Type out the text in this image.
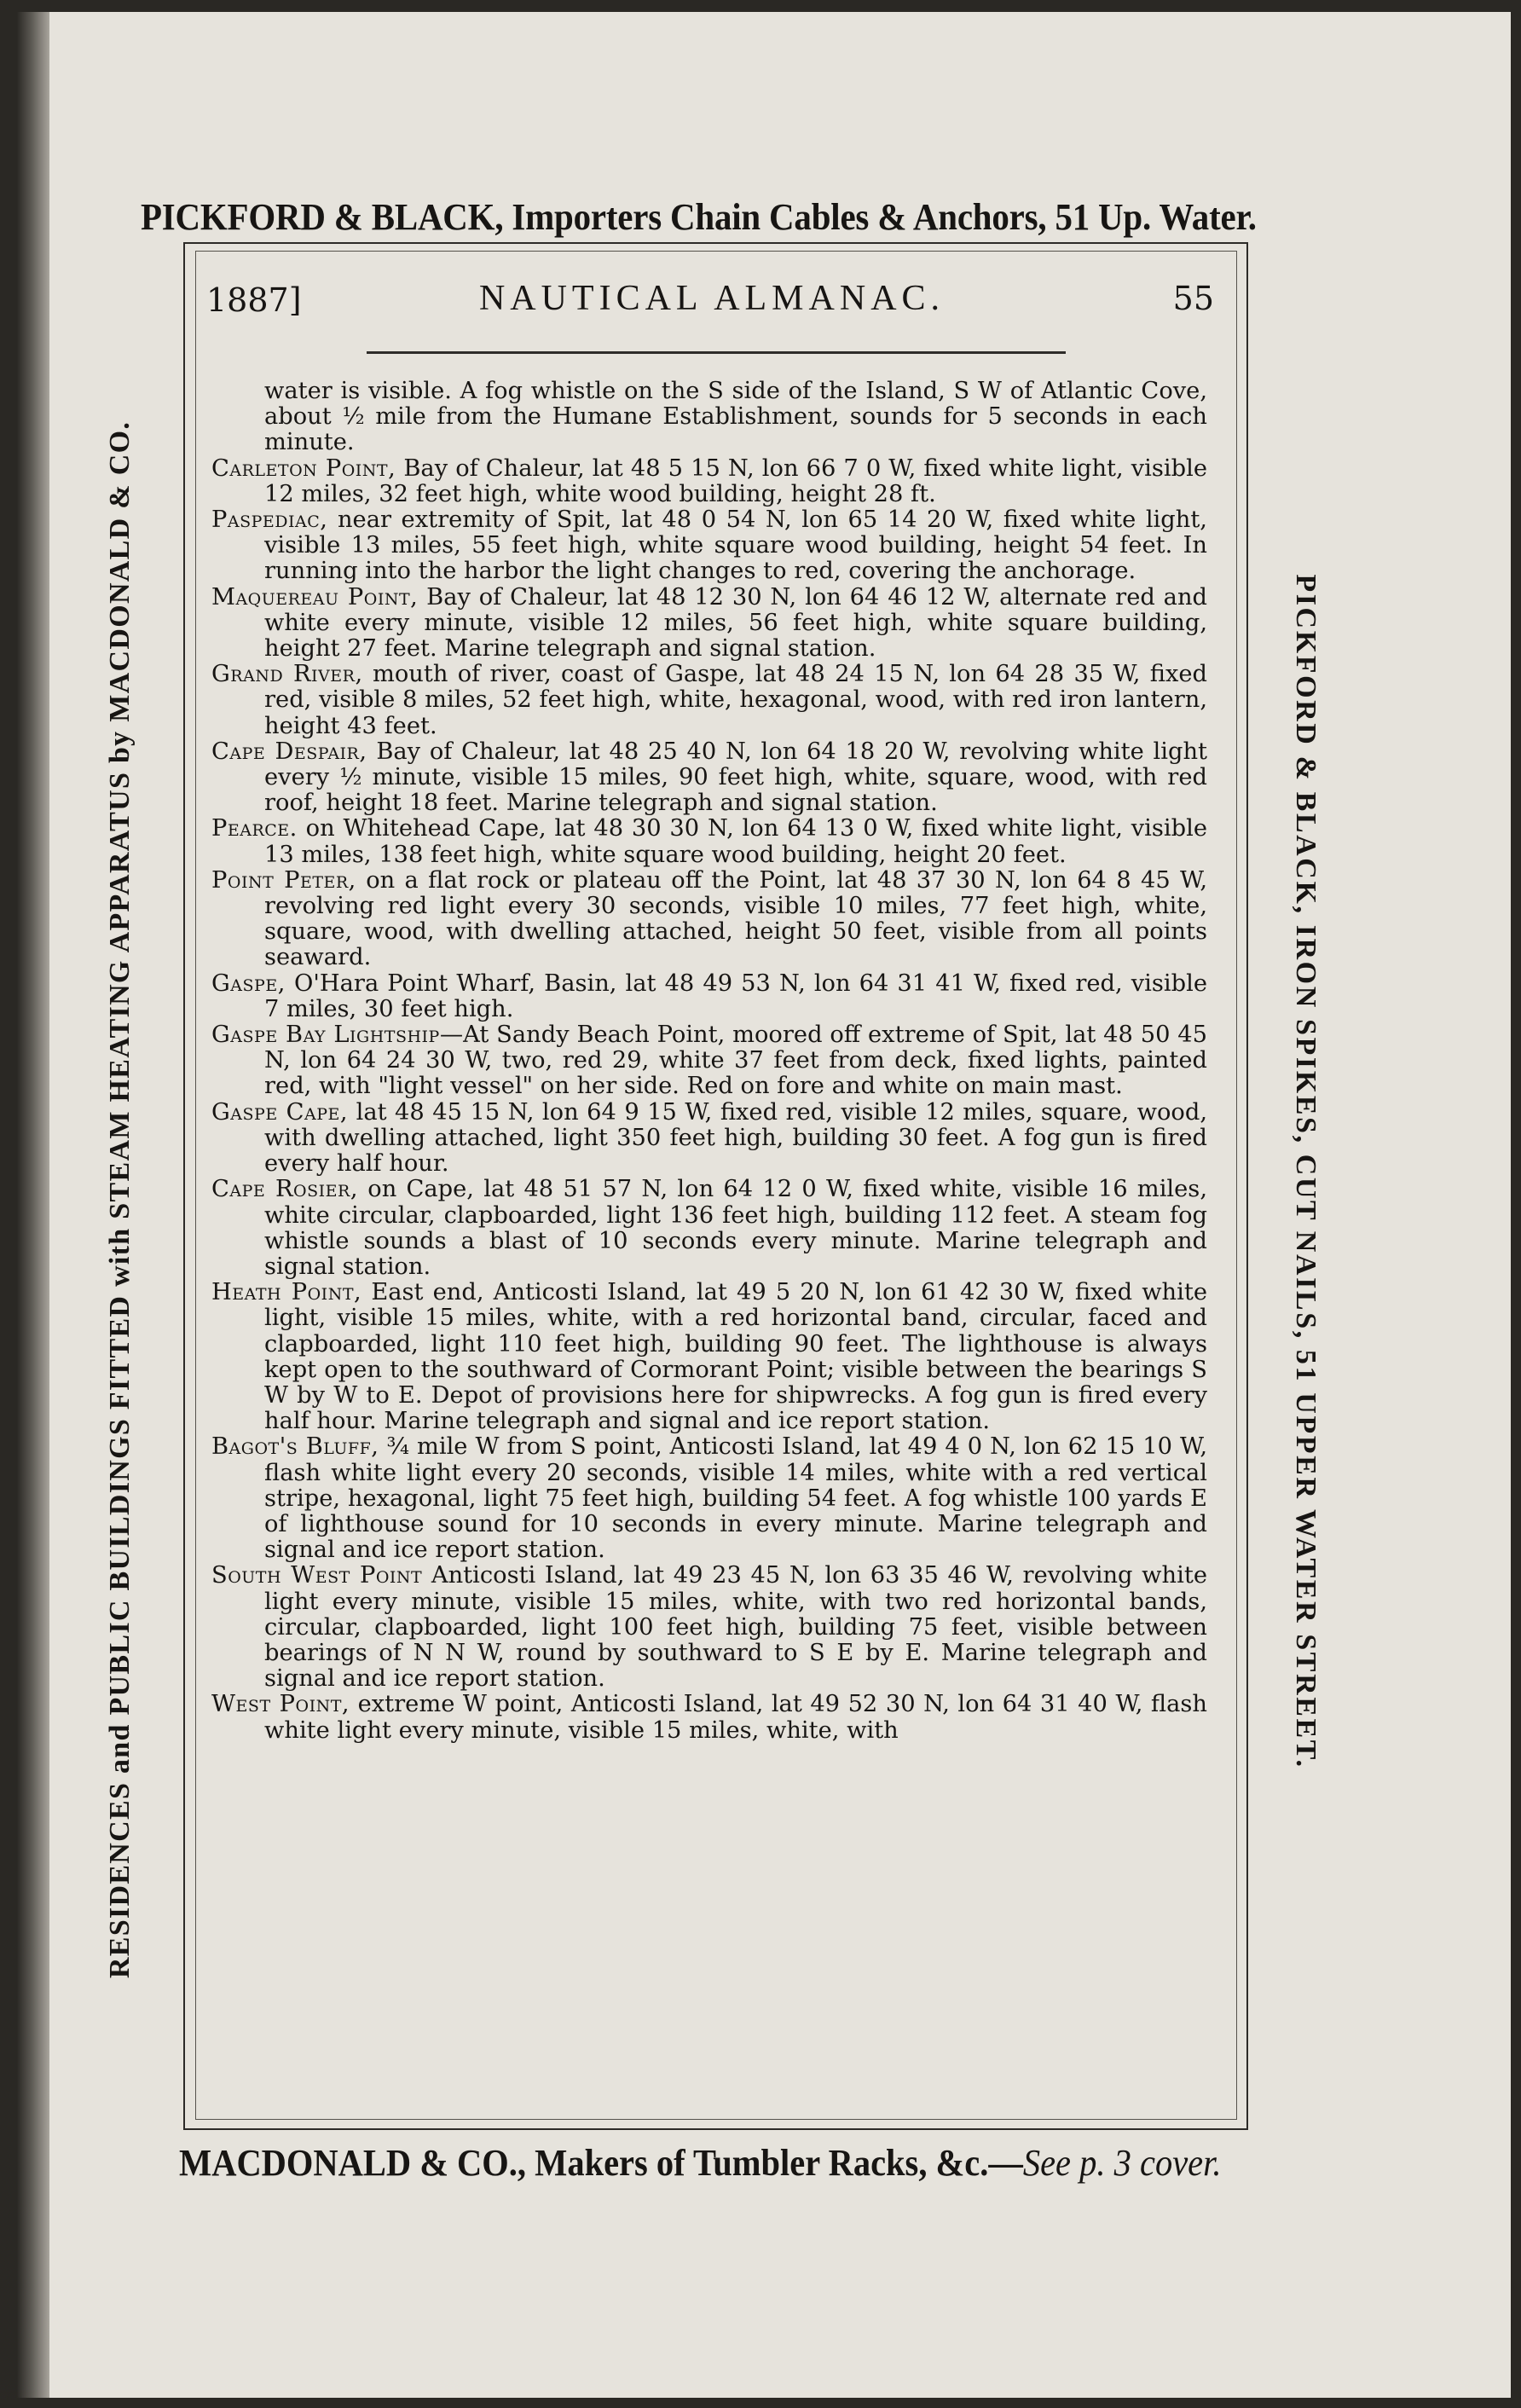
PICKFORD & BLACK, Importers Chain Cables & Anchors, 51 Up. Water.
RESIDENCES and PUBLIC BUILDINGS FITTED with STEAM HEATING APPARATUS by MACDONALD & CO.	PICKFORD & BLACK, IRON SPIKES, CUT NAILS, 51 UPPER WATER STREET.
1887]	NAUTICAL ALMANAC.	55

water is visible. A fog whistle on the S side of the Island, S W of Atlantic Cove, about ½ mile from the Humane Establishment, sounds for 5 seconds in each minute.

Carleton Point, Bay of Chaleur, lat 48 5 15 N, lon 66 7 0 W, fixed white light, visible 12 miles, 32 feet high, white wood building, height 28 ft.

Paspediac, near extremity of Spit, lat 48 0 54 N, lon 65 14 20 W, fixed white light, visible 13 miles, 55 feet high, white square wood building, height 54 feet. In running into the harbor the light changes to red, covering the anchorage.

Maquereau Point, Bay of Chaleur, lat 48 12 30 N, lon 64 46 12 W, alternate red and white every minute, visible 12 miles, 56 feet high, white square building, height 27 feet. Marine telegraph and signal station.

Grand River, mouth of river, coast of Gaspe, lat 48 24 15 N, lon 64 28 35 W, fixed red, visible 8 miles, 52 feet high, white, hexagonal, wood, with red iron lantern, height 43 feet.

Cape Despair, Bay of Chaleur, lat 48 25 40 N, lon 64 18 20 W, revolving white light every ½ minute, visible 15 miles, 90 feet high, white, square, wood, with red roof, height 18 feet. Marine telegraph and signal station.

Pearce. on Whitehead Cape, lat 48 30 30 N, lon 64 13 0 W, fixed white light, visible 13 miles, 138 feet high, white square wood building, height 20 feet.

Point Peter, on a flat rock or plateau off the Point, lat 48 37 30 N, lon 64 8 45 W, revolving red light every 30 seconds, visible 10 miles, 77 feet high, white, square, wood, with dwelling attached, height 50 feet, visible from all points seaward.

Gaspe, O'Hara Point Wharf, Basin, lat 48 49 53 N, lon 64 31 41 W, fixed red, visible 7 miles, 30 feet high.

Gaspe Bay Lightship—At Sandy Beach Point, moored off extreme of Spit, lat 48 50 45 N, lon 64 24 30 W, two, red 29, white 37 feet from deck, fixed lights, painted red, with "light vessel" on her side. Red on fore and white on main mast.

Gaspe Cape, lat 48 45 15 N, lon 64 9 15 W, fixed red, visible 12 miles, square, wood, with dwelling attached, light 350 feet high, building 30 feet. A fog gun is fired every half hour.

Cape Rosier, on Cape, lat 48 51 57 N, lon 64 12 0 W, fixed white, visible 16 miles, white circular, clapboarded, light 136 feet high, building 112 feet. A steam fog whistle sounds a blast of 10 seconds every minute. Marine telegraph and signal station.

Heath Point, East end, Anticosti Island, lat 49 5 20 N, lon 61 42 30 W, fixed white light, visible 15 miles, white, with a red horizontal band, circular, faced and clapboarded, light 110 feet high, building 90 feet. The lighthouse is always kept open to the southward of Cormorant Point; visible between the bearings S W by W to E. Depot of provisions here for shipwrecks. A fog gun is fired every half hour. Marine telegraph and signal and ice report station.

Bagot's Bluff, ¾ mile W from S point, Anticosti Island, lat 49 4 0 N, lon 62 15 10 W, flash white light every 20 seconds, visible 14 miles, white with a red vertical stripe, hexagonal, light 75 feet high, building 54 feet. A fog whistle 100 yards E of lighthouse sound for 10 seconds in every minute. Marine telegraph and signal and ice report station.

South West Point Anticosti Island, lat 49 23 45 N, lon 63 35 46 W, revolving white light every minute, visible 15 miles, white, with two red horizontal bands, circular, clapboarded, light 100 feet high, building 75 feet, visible between bearings of N N W, round by southward to S E by E. Marine telegraph and signal and ice report station.

West Point, extreme W point, Anticosti Island, lat 49 52 30 N, lon 64 31 40 W, flash white light every minute, visible 15 miles, white, with

MACDONALD & CO., Makers of Tumbler Racks, &c.—See p. 3 cover.
